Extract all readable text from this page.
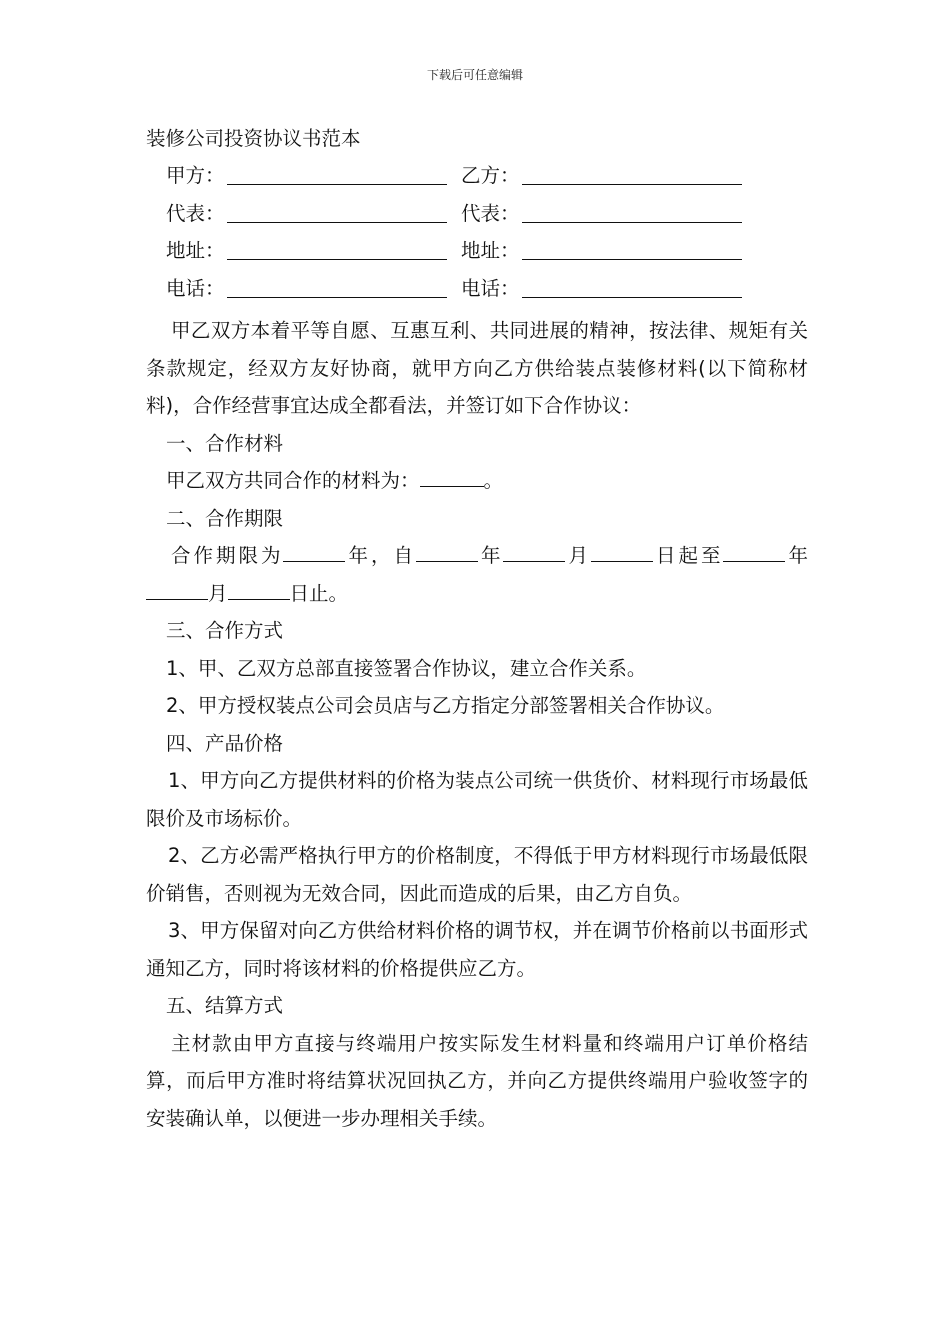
下载后可任意编辑
装修公司投资协议书范本
甲方：	乙方：
代表：	代表：
地址：	地址：
电话：	电话：
甲乙双方本着平等自愿、互惠互利、共同进展的精神，按法律、规矩有关条款规定，经双方友好协商，就甲方向乙方供给装点装修材料(以下简称材料)，合作经营事宜达成全都看法，并签订如下合作协议：
一、合作材料
甲乙双方共同合作的材料为：	。
二、合作期限
合作期限为	年，自	年	月	日起至	年月	日止。
三、合作方式
1、甲、乙双方总部直接签署合作协议，建立合作关系。
2、甲方授权装点公司会员店与乙方指定分部签署相关合作协议。
四、产品价格
1、甲方向乙方提供材料的价格为装点公司统一供货价、材料现行市场最低限价及市场标价。
2、乙方必需严格执行甲方的价格制度，不得低于甲方材料现行市场最低限价销售，否则视为无效合同，因此而造成的后果，由乙方自负。
3、甲方保留对向乙方供给材料价格的调节权，并在调节价格前以书面形式通知乙方，同时将该材料的价格提供应乙方。
五、结算方式
主材款由甲方直接与终端用户按实际发生材料量和终端用户订单价格结算，而后甲方准时将结算状况回执乙方，并向乙方提供终端用户验收签字的安装确认单，以便进一步办理相关手续。
